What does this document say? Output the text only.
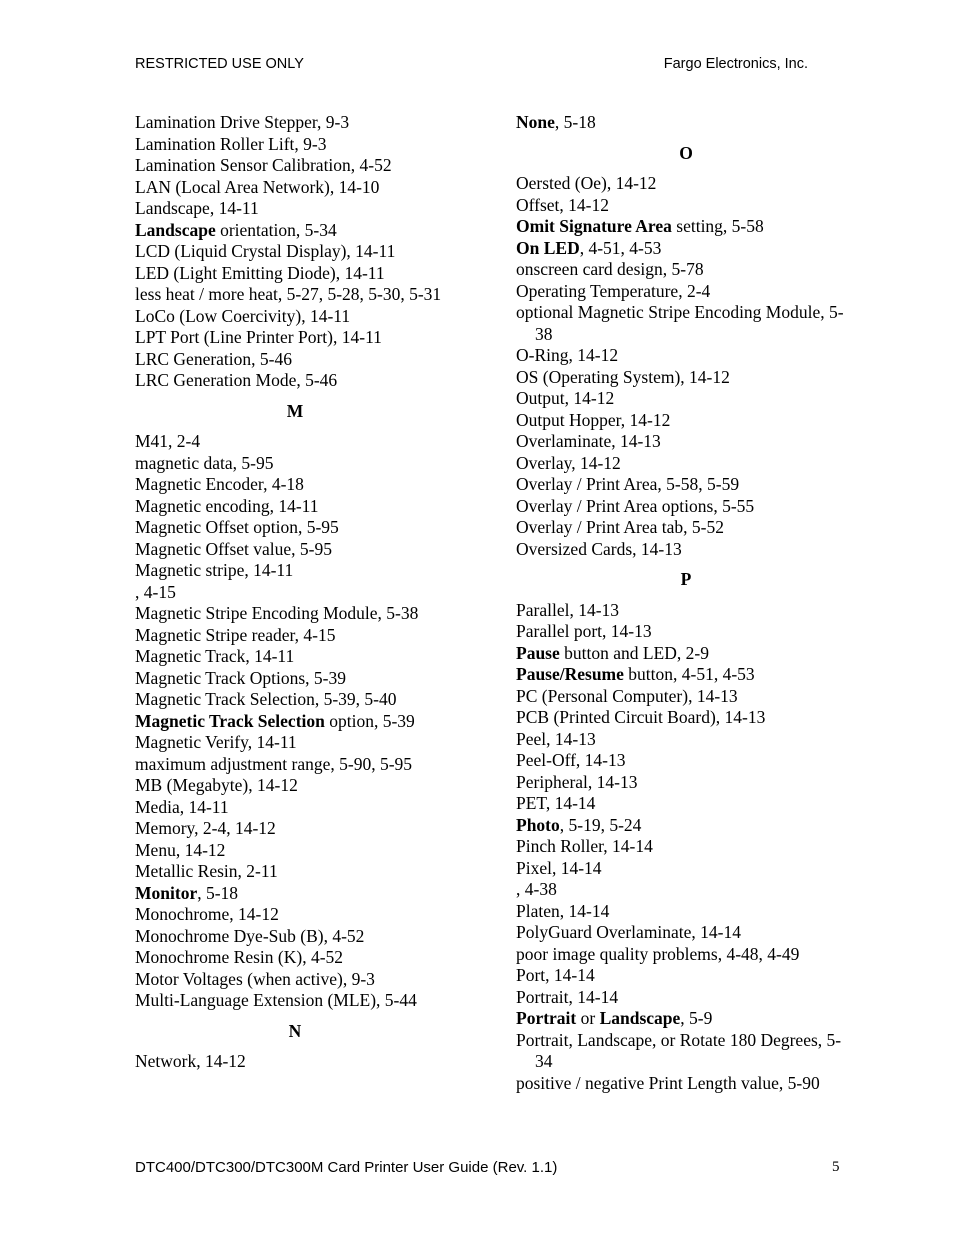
RESTRICTED USE ONLY	Fargo Electronics, Inc.
Lamination Drive Stepper, 9-3
Lamination Roller Lift, 9-3
Lamination Sensor Calibration, 4-52
LAN (Local Area Network), 14-10
Landscape, 14-11
Landscape orientation, 5-34
LCD (Liquid Crystal Display), 14-11
LED (Light Emitting Diode), 14-11
less heat / more heat, 5-27, 5-28, 5-30, 5-31
LoCo (Low Coercivity), 14-11
LPT Port (Line Printer Port), 14-11
LRC Generation, 5-46
LRC Generation Mode, 5-46
M
M41, 2-4
magnetic data, 5-95
Magnetic Encoder, 4-18
Magnetic encoding, 14-11
Magnetic Offset option, 5-95
Magnetic Offset value, 5-95
Magnetic stripe, 14-11
, 4-15
Magnetic Stripe Encoding Module, 5-38
Magnetic Stripe reader, 4-15
Magnetic Track, 14-11
Magnetic Track Options, 5-39
Magnetic Track Selection, 5-39, 5-40
Magnetic Track Selection option, 5-39
Magnetic Verify, 14-11
maximum adjustment range, 5-90, 5-95
MB (Megabyte), 14-12
Media, 14-11
Memory, 2-4, 14-12
Menu, 14-12
Metallic Resin, 2-11
Monitor, 5-18
Monochrome, 14-12
Monochrome Dye-Sub (B), 4-52
Monochrome Resin (K), 4-52
Motor Voltages (when active), 9-3
Multi-Language Extension (MLE), 5-44
N
Network, 14-12
None, 5-18
O
Oersted (Oe), 14-12
Offset, 14-12
Omit Signature Area setting, 5-58
On LED, 4-51, 4-53
onscreen card design, 5-78
Operating Temperature, 2-4
optional Magnetic Stripe Encoding Module, 5-38
O-Ring, 14-12
OS (Operating System), 14-12
Output, 14-12
Output Hopper, 14-12
Overlaminate, 14-13
Overlay, 14-12
Overlay / Print Area, 5-58, 5-59
Overlay / Print Area options, 5-55
Overlay / Print Area tab, 5-52
Oversized Cards, 14-13
P
Parallel, 14-13
Parallel port, 14-13
Pause button and LED, 2-9
Pause/Resume button, 4-51, 4-53
PC (Personal Computer), 14-13
PCB (Printed Circuit Board), 14-13
Peel, 14-13
Peel-Off, 14-13
Peripheral, 14-13
PET, 14-14
Photo, 5-19, 5-24
Pinch Roller, 14-14
Pixel, 14-14
, 4-38
Platen, 14-14
PolyGuard Overlaminate, 14-14
poor image quality problems, 4-48, 4-49
Port, 14-14
Portrait, 14-14
Portrait or Landscape, 5-9
Portrait, Landscape, or Rotate 180 Degrees, 5-34
positive / negative Print Length value, 5-90
DTC400/DTC300/DTC300M Card Printer User Guide (Rev. 1.1)	5
